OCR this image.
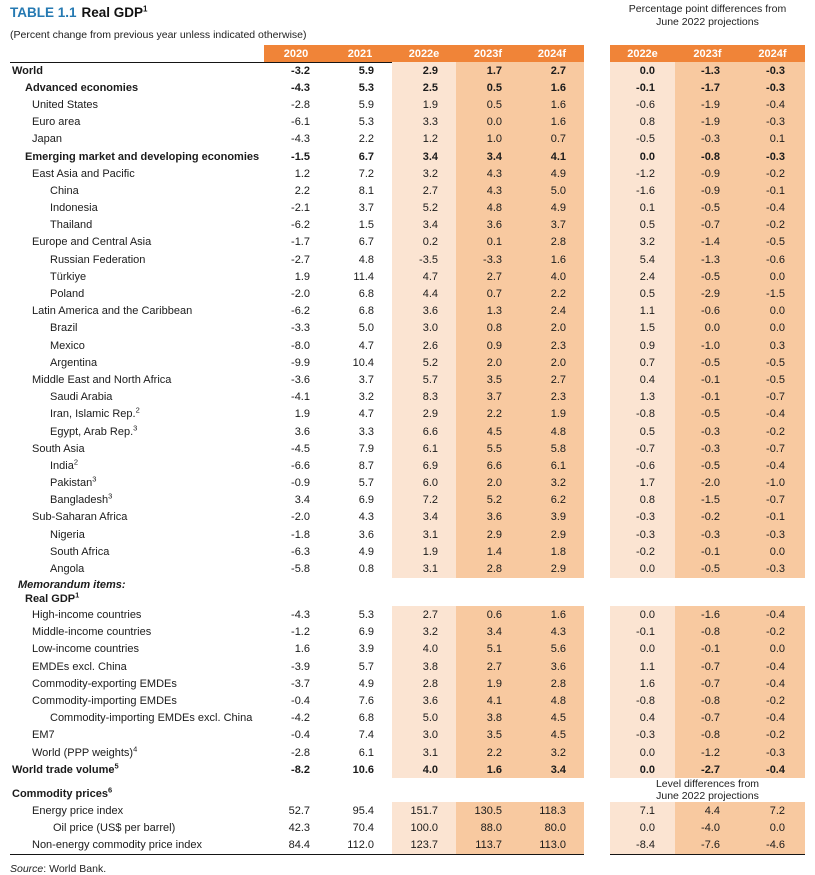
TABLE 1.1 Real GDP$^1$
(Percent change from previous year unless indicated otherwise)
Percentage point differences from
June 2022 projections
2020	2021	2022e	2023f	2024f	2022e	2023f	2024f
World	-3.2	5.9	2.9	1.7	2.7	0.0	-1.3	-0.3
Advanced economies	-4.3	5.3	2.5	0.5	1.6	-0.1	-1.7	-0.3
United States	-2.8	5.9	1.9	0.5	1.6	-0.6	-1.9	-0.4
Euro area	-6.1	5.3	3.3	0.0	1.6	0.8	-1.9	-0.3
Japan	-4.3	2.2	1.2	1.0	0.7	-0.5	-0.3	0.1
Emerging market and developing economies	-1.5	6.7	3.4	3.4	4.1	0.0	-0.8	-0.3
East Asia and Pacific	1.2	7.2	3.2	4.3	4.9	-1.2	-0.9	-0.2
China	2.2	8.1	2.7	4.3	5.0	-1.6	-0.9	-0.1
Indonesia	-2.1	3.7	5.2	4.8	4.9	0.1	-0.5	-0.4
Thailand	-6.2	1.5	3.4	3.6	3.7	0.5	-0.7	-0.2
Europe and Central Asia	-1.7	6.7	0.2	0.1	2.8	3.2	-1.4	-0.5
Russian Federation	-2.7	4.8	-3.5	-3.3	1.6	5.4	-1.3	-0.6
Türkiye	1.9	11.4	4.7	2.7	4.0	2.4	-0.5	0.0
Poland	-2.0	6.8	4.4	0.7	2.2	0.5	-2.9	-1.5
Latin America and the Caribbean	-6.2	6.8	3.6	1.3	2.4	1.1	-0.6	0.0
Brazil	-3.3	5.0	3.0	0.8	2.0	1.5	0.0	0.0
Mexico	-8.0	4.7	2.6	0.9	2.3	0.9	-1.0	0.3
Argentina	-9.9	10.4	5.2	2.0	2.0	0.7	-0.5	-0.5
Middle East and North Africa	-3.6	3.7	5.7	3.5	2.7	0.4	-0.1	-0.5
Saudi Arabia	-4.1	3.2	8.3	3.7	2.3	1.3	-0.1	-0.7
Iran, Islamic Rep.$^2$	1.9	4.7	2.9	2.2	1.9	-0.8	-0.5	-0.4
Egypt, Arab Rep.$^3$	3.6	3.3	6.6	4.5	4.8	0.5	-0.3	-0.2
South Asia	-4.5	7.9	6.1	5.5	5.8	-0.7	-0.3	-0.7
India$^2$	-6.6	8.7	6.9	6.6	6.1	-0.6	-0.5	-0.4
Pakistan$^3$	-0.9	5.7	6.0	2.0	3.2	1.7	-2.0	-1.0
Bangladesh$^3$	3.4	6.9	7.2	5.2	6.2	0.8	-1.5	-0.7
Sub-Saharan Africa	-2.0	4.3	3.4	3.6	3.9	-0.3	-0.2	-0.1
Nigeria	-1.8	3.6	3.1	2.9	2.9	-0.3	-0.3	-0.3
South Africa	-6.3	4.9	1.9	1.4	1.8	-0.2	-0.1	0.0
Angola	-5.8	0.8	3.1	2.8	2.9	0.0	-0.5	-0.3
Memorandum items:
Real GDP$^1$
High-income countries	-4.3	5.3	2.7	0.6	1.6	0.0	-1.6	-0.4
Middle-income countries	-1.2	6.9	3.2	3.4	4.3	-0.1	-0.8	-0.2
Low-income countries	1.6	3.9	4.0	5.1	5.6	0.0	-0.1	0.0
EMDEs excl. China	-3.9	5.7	3.8	2.7	3.6	1.1	-0.7	-0.4
Commodity-exporting EMDEs	-3.7	4.9	2.8	1.9	2.8	1.6	-0.7	-0.4
Commodity-importing EMDEs	-0.4	7.6	3.6	4.1	4.8	-0.8	-0.8	-0.2
Commodity-importing EMDEs excl. China	-4.2	6.8	5.0	3.8	4.5	0.4	-0.7	-0.4
EM7	-0.4	7.4	3.0	3.5	4.5	-0.3	-0.8	-0.2
World (PPP weights)$^4$	-2.8	6.1	3.1	2.2	3.2	0.0	-1.2	-0.3
World trade volume$^5$	-8.2	10.6	4.0	1.6	3.4	0.0	-2.7	-0.4
Commodity prices$^6$	Level differences from
June 2022 projections
Energy price index	52.7	95.4	151.7	130.5	118.3	7.1	4.4	7.2
Oil price (US$ per barrel)	42.3	70.4	100.0	88.0	80.0	0.0	-4.0	0.0
Non-energy commodity price index	84.4	112.0	123.7	113.7	113.0	-8.4	-7.6	-4.6
Source: World Bank.
